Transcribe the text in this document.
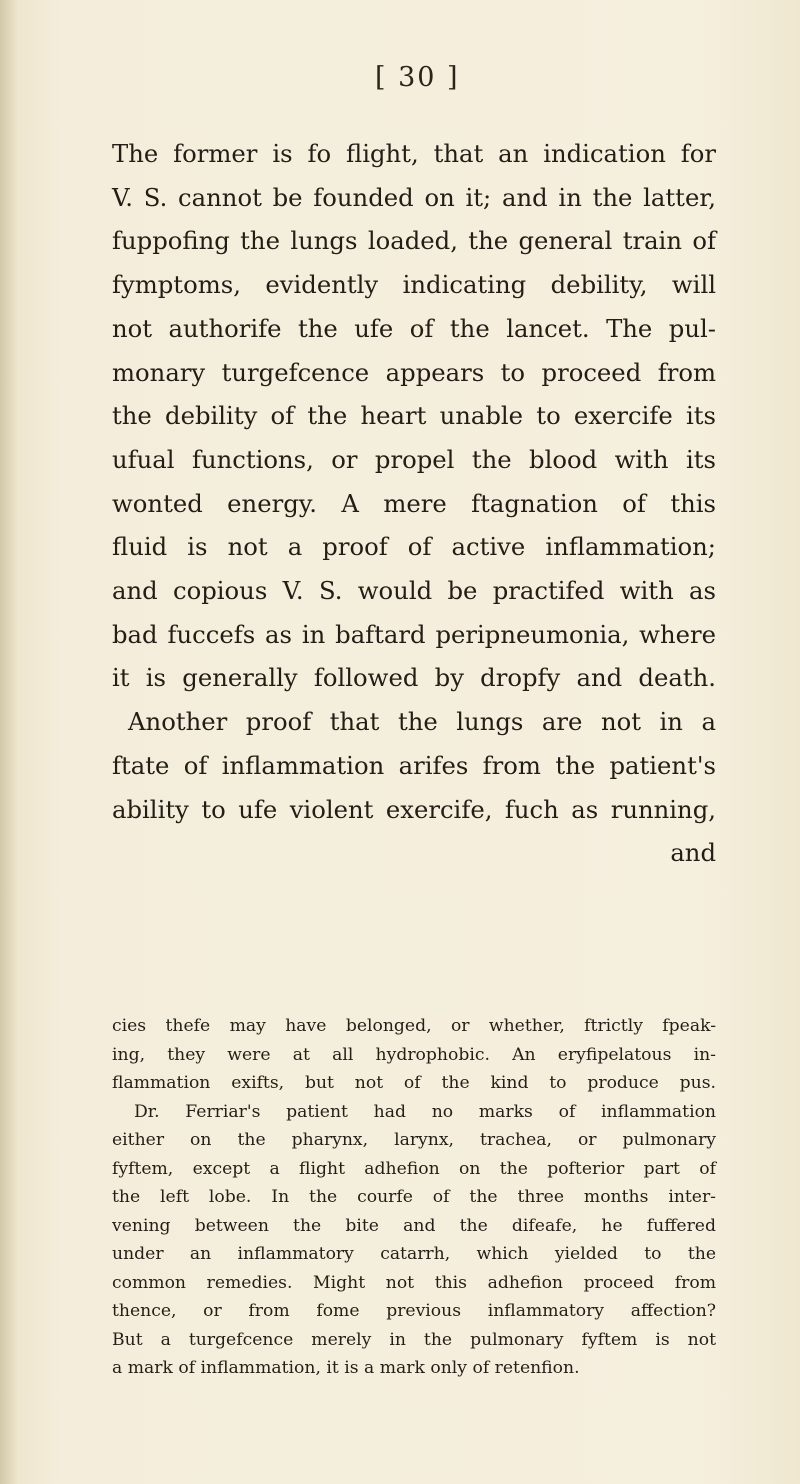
[ 30 ]
The former is fo flight, that an indication for
V. S. cannot be founded on it; and in the latter,
fuppofing the lungs loaded, the general train of
fymptoms, evidently indicating debility, will
not authorife the ufe of the lancet. The pul-
monary turgefcence appears to proceed from
the debility of the heart unable to exercife its
ufual functions, or propel the blood with its
wonted energy. A mere ftagnation of this
fluid is not a proof of active inflammation;
and copious V. S. would be practifed with as
bad fuccefs as in baftard peripneumonia, where
it is generally followed by dropfy and death.
Another proof that the lungs are not in a
ftate of inflammation arifes from the patient's
ability to ufe violent exercife, fuch as running,
and
cies thefe may have belonged, or whether, ftrictly fpeak-
ing, they were at all hydrophobic. An eryfipelatous in-
flammation exifts, but not of the kind to produce pus.
Dr. Ferriar's patient had no marks of inflammation
either on the pharynx, larynx, trachea, or pulmonary
fyftem, except a flight adhefion on the pofterior part of
the left lobe. In the courfe of the three months inter-
vening between the bite and the difeafe, he fuffered
under an inflammatory catarrh, which yielded to the
common remedies. Might not this adhefion proceed from
thence, or from fome previous inflammatory affection?
But a turgefcence merely in the pulmonary fyftem is not
a mark of inflammation, it is a mark only of retenfion.
